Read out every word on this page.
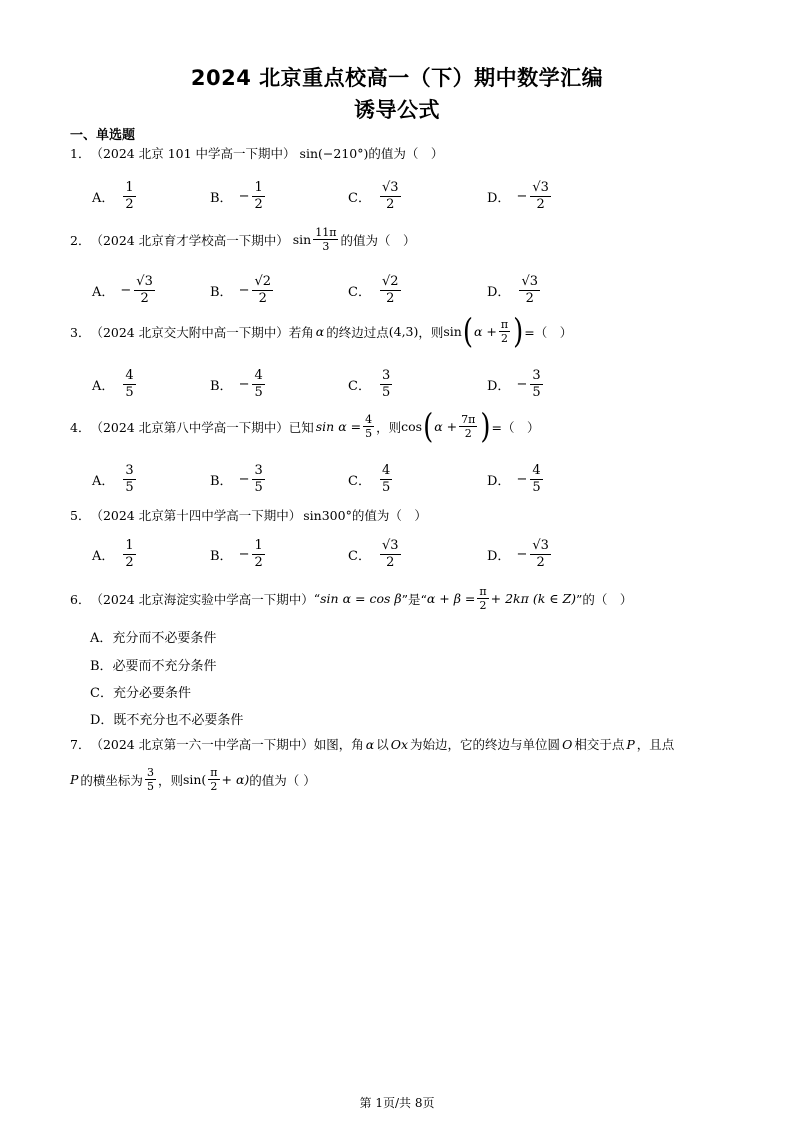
2024 北京重点校高一（下）期中数学汇编
诱导公式
一、单选题
1． （2024 北京 101 中学高一下期中） sin(−210°) 的值为（　）
A． $\frac{1}{2}$	B． − $\frac{1}{2}$	C． $\frac{√3}{2}$	D． − $\frac{√3}{2}$
2． （2024 北京育才学校高一下期中） $\sin \frac{11\pi}{3}$ 的值为（　）
A． − $\frac{√3}{2}$	B． − $\frac{√2}{2}$	C． $\frac{√2}{2}$	D． $\frac{√3}{2}$
3． （2024 北京交大附中高一下期中） 若角 α 的终边过点 (4,3) ，则 sin ( $\alpha + \frac{\pi}{2}$ ) =（　）
A． $\frac{4}{5}$	B． − $\frac{4}{5}$	C． $\frac{3}{5}$	D． − $\frac{3}{5}$
4． （2024 北京第八中学高一下期中） 已知 $\sin \alpha = \frac{4}{5}$ ，则 cos ( $\alpha + \frac{7\pi}{2}$ ) =（　）
A． $\frac{3}{5}$	B． − $\frac{3}{5}$	C． $\frac{4}{5}$	D． − $\frac{4}{5}$
5． （2024 北京第十四中学高一下期中） sin300° 的值为（　）
A． $\frac{1}{2}$	B． − $\frac{1}{2}$	C． $\frac{√3}{2}$	D． − $\frac{√3}{2}$
6． （2024 北京海淀实验中学高一下期中） “ sin α = cos β ”是“ $\alpha + \beta = \frac{\pi}{2} + 2k\pi$ (k ∈ Z) ”的（　）
A．充分而不必要条件
B．必要而不充分条件
C．充分必要条件
D．既不充分也不必要条件
7． （2024 北京第一六一中学高一下期中） 如图，角 α 以 Ox 为始边，它的终边与单位圆 O 相交于点 P ，且点
P 的横坐标为 $\frac{3}{5}$ ，则 $\sin( \frac{\pi}{2} + \alpha)$ 的值为（ ）
第 1页/共 8页
